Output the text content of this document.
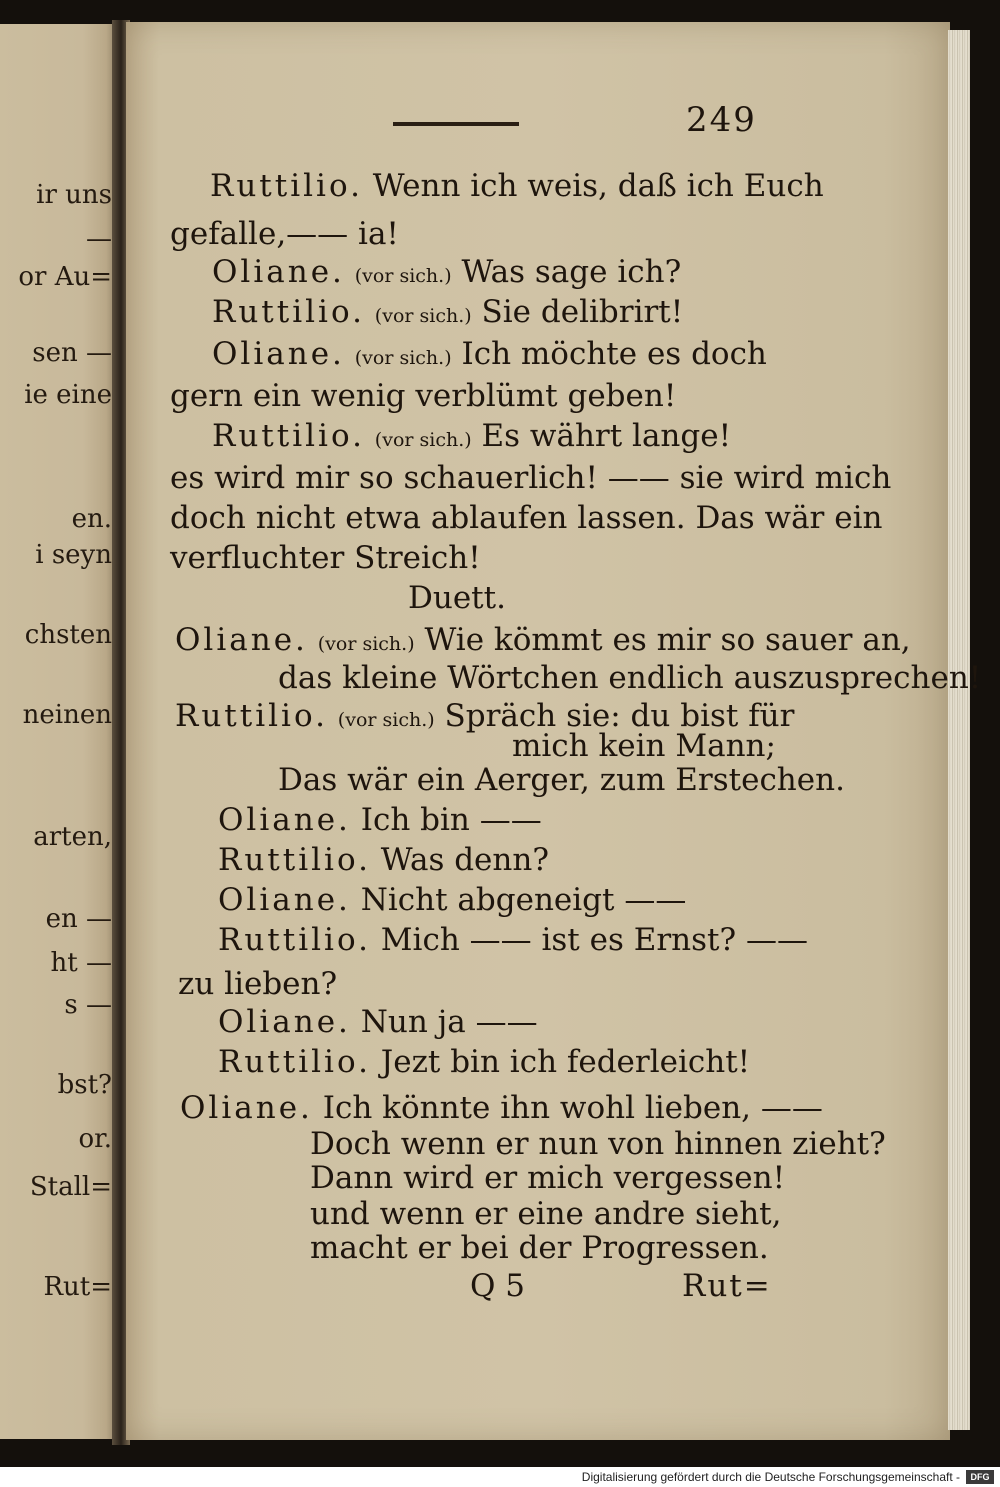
249
Ruttilio. Wenn ich weis, daß ich Euch
gefalle,—— ia!
Oliane. (vor sich.) Was sage ich?
Ruttilio. (vor sich.) Sie delibrirt!
Oliane. (vor sich.) Ich möchte es doch
gern ein wenig verblümt geben!
Ruttilio. (vor sich.) Es währt lange!
es wird mir so schauerlich! —— sie wird mich
doch nicht etwa ablaufen lassen. Das wär ein
verfluchter Streich!
Duett.
Oliane. (vor sich.) Wie kömmt es mir so sauer an,
das kleine Wörtchen endlich auszusprechen!
Ruttilio. (vor sich.) Spräch sie: du bist für
mich kein Mann;
Das wär ein Aerger, zum Erstechen.
Oliane. Ich bin ——
Ruttilio. Was denn?
Oliane. Nicht abgeneigt ——
Ruttilio. Mich —— ist es Ernst? ——
zu lieben?
Oliane. Nun ja ——
Ruttilio. Jezt bin ich federleicht!
Oliane. Ich könnte ihn wohl lieben, ——
Doch wenn er nun von hinnen zieht?
Dann wird er mich vergessen!
und wenn er eine andre sieht,
macht er bei der Progressen.
ir uns
—
or Au=
sen —
ie eine
en.
i seyn
chsten
neinen
arten,
en —
ht —
s —
bst?
or.
Stall=
Rut=	Q 5	Rut=
Digitalisierung gefördert durch die Deutsche Forschungsgemeinschaft -	DFG
